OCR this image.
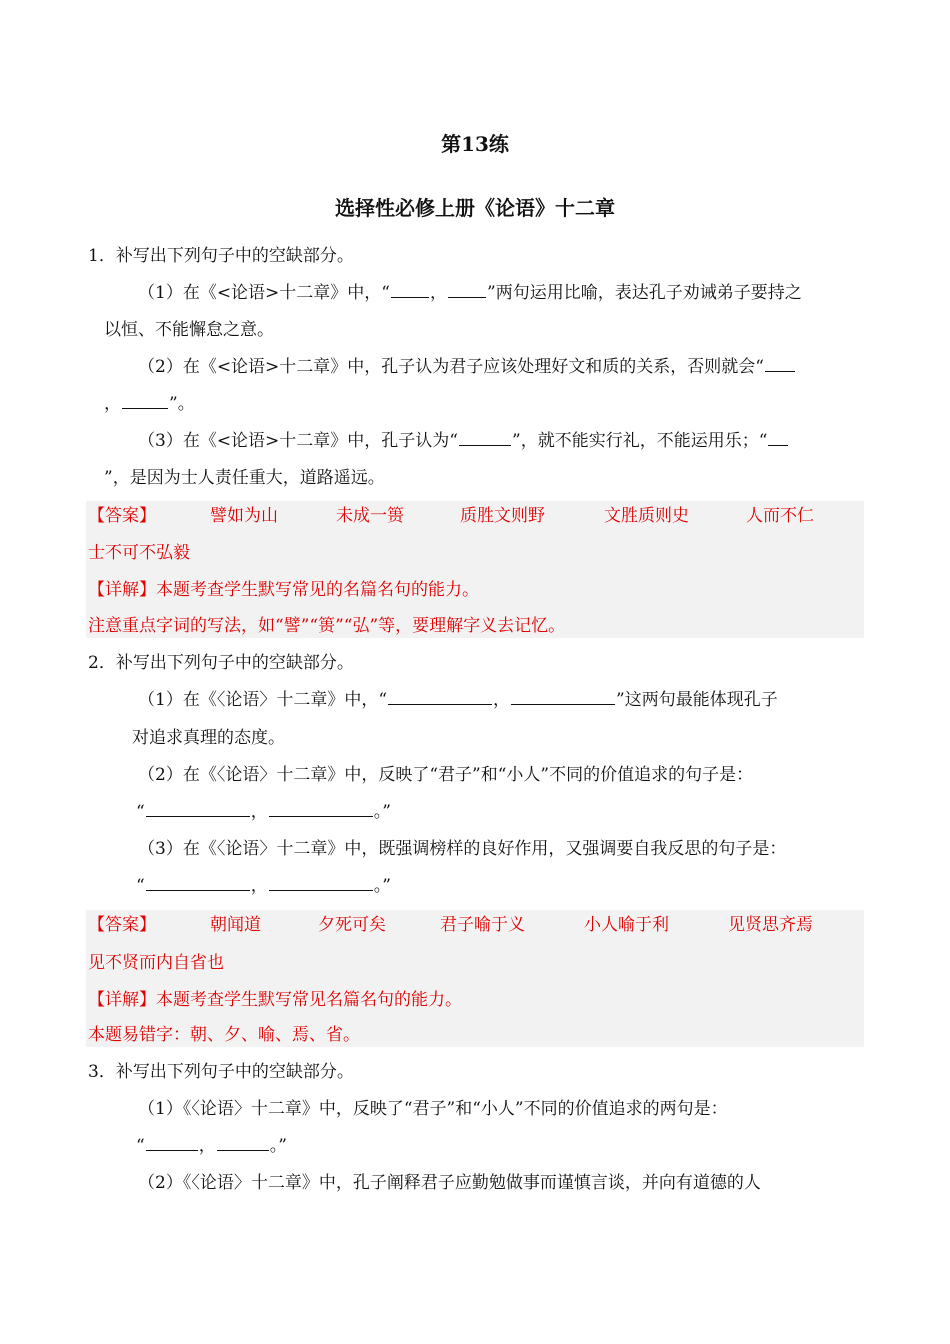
第13练
选择性必修上册《论语》十二章
1．补写出下列句子中的空缺部分。
（1）在《<论语>十二章》中，“ ， ”两句运用比喻，表达孔子劝诫弟子要持之
以恒、不能懈怠之意。
（2）在《<论语>十二章》中，孔子认为君子应该处理好文和质的关系，否则就会“
，	”。
（3）在《<论语>十二章》中，孔子认为“	”，就不能实行礼，不能运用乐；“
”，是因为士人责任重大，道路遥远。
【答案】	譬如为山	未成一篑	质胜文则野	文胜质则史	人而不仁
士不可不弘毅
【详解】本题考查学生默写常见的名篇名句的能力。
注意重点字词的写法，如“譬”“篑”“弘”等，要理解字义去记忆。
2．补写出下列句子中的空缺部分。
（1）在《〈论语〉十二章》中，“	，	”这两句最能体现孔子
对追求真理的态度。
（2）在《〈论语〉十二章》中，反映了“君子”和“小人”不同的价值追求的句子是：
“	，	。”
（3）在《〈论语〉十二章》中，既强调榜样的良好作用，又强调要自我反思的句子是：
“	，	。”
【答案】	朝闻道	夕死可矣	君子喻于义	小人喻于利	见贤思齐焉
见不贤而内自省也
【详解】本题考查学生默写常见名篇名句的能力。
本题易错字：朝、夕、喻、焉、省。
3．补写出下列句子中的空缺部分。
（1）《〈论语〉十二章》中，反映了“君子”和“小人”不同的价值追求的两句是：
“	，	。”
（2）《〈论语〉十二章》中，孔子阐释君子应勤勉做事而谨慎言谈，并向有道德的人
